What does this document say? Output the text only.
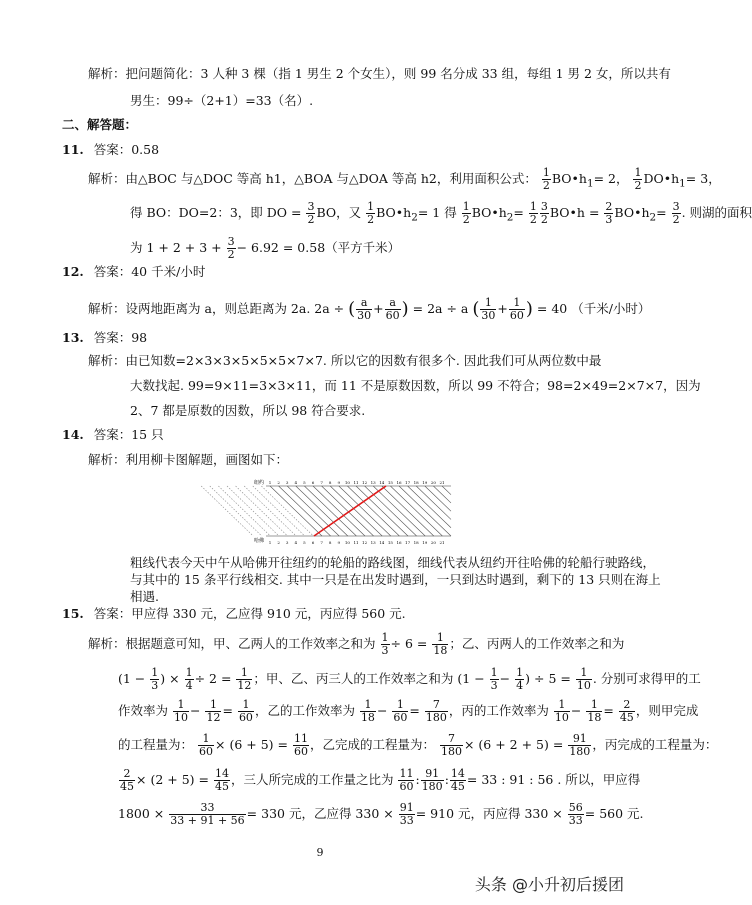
解析：把问题简化：3 人种 3 棵（指 1 男生 2 个女生），则 99 名分成 33 组，每组 1 男 2 女，所以共有
男生：99÷（2+1）=33（名）.
二、解答题：
11. 答案：0.58
解析：由△BOC 与△DOC 等高 h1，△BOA 与△DOA 等高 h2，利用面积公式： $\frac{1}{2}$ $BO•h_1= 2$， $\frac{1}{2}$ $DO•h_1= 3$，
得 BO：DO=2：3，即 DO = $\frac{3}{2}$ BO，又 $\frac{1}{2}$ $BO•h_2= 1$ 得 $\frac{1}{2}$ $BO•h_2= \frac{1}{2} \frac{3}{2}$ BO•h = $\frac{2}{3}$ $BO•h_2= \frac{3}{2}$ . 则湖的面积
为 $1 + 2 + 3 + \frac{3}{2} - 6.92 = 0.58$（平方千米）
12. 答案：40 千米/小时
解析：设两地距离为 a，则总距离为 2a. 2a ÷ ( $\frac{a}{30} + \frac{a}{60}$ ) = 2a ÷ a ( $\frac{1}{30} + \frac{1}{60}$ ) = 40 （千米/小时）
13. 答案：98
解析：由已知数=2×3×3×5×5×5×7×7. 所以它的因数有很多个. 因此我们可从两位数中最
大数找起. 99=9×11=3×3×11，而 11 不是原数因数，所以 99 不符合；98=2×49=2×7×7，因为
2、7 都是原数的因数，所以 98 符合要求.
14. 答案：15 只
解析：利用柳卡图解题，画图如下：
纽约
哈佛
1 2 3 4 5 6 7 8 9 10 11 12 13 14 15 16 17 18 19 20 21
1 2 3 4 5 6 7 8 9 10 11 12 13 14 15 16 17 18 19 20 21
粗线代表今天中午从哈佛开往纽约的轮船的路线图，细线代表从纽约开往哈佛的轮船行驶路线，
与其中的 15 条平行线相交. 其中一只是在出发时遇到，一只到达时遇到，剩下的 13 只则在海上
相遇.
15. 答案：甲应得 330 元，乙应得 910 元，丙应得 560 元.
解析：根据题意可知，甲、乙两人的工作效率之和为 $\frac{1}{3} \div 6 = \frac{1}{18}$ ；乙、丙两人的工作效率之和为
($1 - \frac{1}{3}$ ) × $\frac{1}{4} \div 2 = \frac{1}{12}$ ；甲、乙、丙三人的工作效率之和为 ($1 - \frac{1}{3} - \frac{1}{4}$ ) ÷ $5 = \frac{1}{10}$ . 分别可求得甲的工
作效率为 $\frac{1}{10} - \frac{1}{12} = \frac{1}{60}$ ，乙的工作效率为 $\frac{1}{18} - \frac{1}{60} = \frac{7}{180}$ ，丙的工作效率为 $\frac{1}{10} - \frac{1}{18} = \frac{2}{45}$ ，则甲完成
的工程量为： $\frac{1}{60} \times (6 + 5) = \frac{11}{60}$ ，乙完成的工程量为： $\frac{7}{180} \times (6 + 2 + 5) = \frac{91}{180}$ ，丙完成的工程量为：
$\frac{2}{45} \times (2 + 5) = \frac{14}{45}$ ，三人所完成的工作量之比为 $\frac{11}{60}$ : $\frac{91}{180}$ : $\frac{14}{45} = 33$ : 91 : 56 . 所以，甲应得
$1800 \times \frac{33}{33 + 91 + 56} = 330$ 元，乙应得 $330 \times \frac{91}{33} = 910$ 元，丙应得 $330 \times \frac{56}{33} = 560$ 元.
9
头条 @小升初后援团
